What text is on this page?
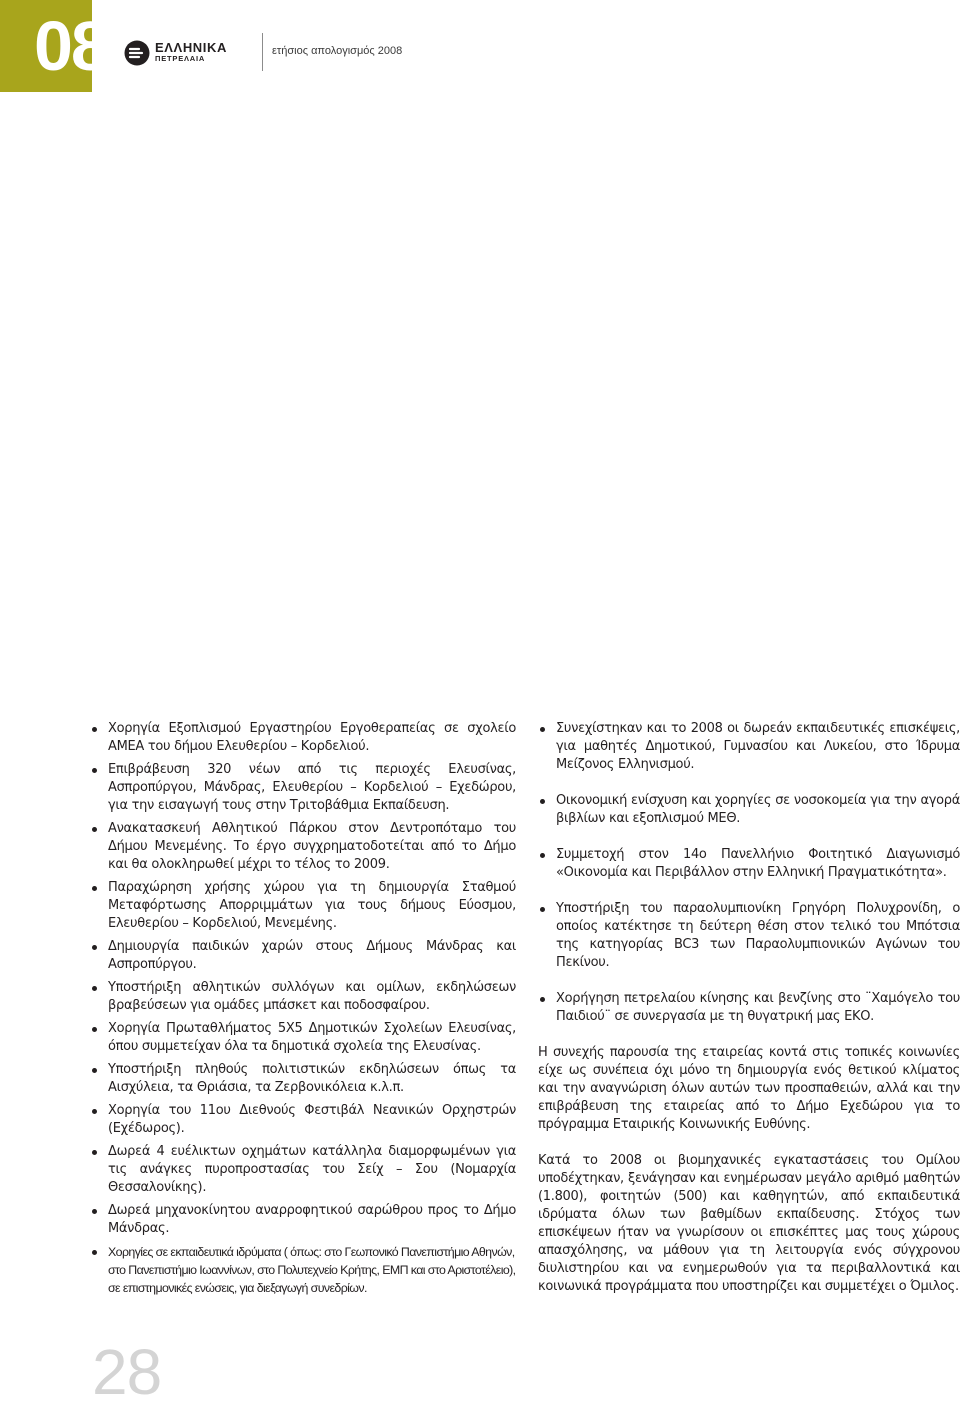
08	ΕΛΛΗΝΙΚΑ
ΠΕΤΡΕΛΑΙΑ
ετήσιος απολογισμός 2008
Χορηγία Εξοπλισμού Εργαστηρίου Εργοθεραπείας σε σχολείο ΑΜΕΑ του δήμου Ελευθερίου – Κορδελιού.
Επιβράβευση 320 νέων από τις περιοχές Ελευσίνας, Ασπροπύργου, Μάνδρας, Ελευθερίου – Κορδελιού – Εχεδώρου, για την εισαγωγή τους στην Τριτοβάθμια Εκπαίδευση.
Ανακατασκευή Αθλητικού Πάρκου στον Δεντροπόταμο του Δήμου Μενεμένης. Το έργο συγχρηματοδοτείται από το Δήμο και θα ολοκληρωθεί μέχρι το τέλος το 2009.
Παραχώρηση χρήσης χώρου για τη δημιουργία Σταθμού Μεταφόρτωσης Απορριμμάτων για τους δήμους Εύοσμου, Ελευθερίου – Κορδελιού, Μενεμένης.
Δημιουργία παιδικών χαρών στους Δήμους Μάνδρας και Ασπροπύργου.
Υποστήριξη αθλητικών συλλόγων και ομίλων, εκδηλώσεων βραβεύσεων για ομάδες μπάσκετ και ποδοσφαίρου.
Χορηγία Πρωταθλήματος 5Χ5 Δημοτικών Σχολείων Ελευσίνας, όπου συμμετείχαν όλα τα δημοτικά σχολεία της Ελευσίνας.
Υποστήριξη πληθούς πολιτιστικών εκδηλώσεων όπως τα Αισχύλεια, τα Θριάσια, τα Ζερβονικόλεια κ.λ.π.
Χορηγία του 11ου Διεθνούς Φεστιβάλ Νεανικών Ορχηστρών (Εχέδωρος).
Δωρεά 4 ευέλικτων οχημάτων κατάλληλα διαμορφωμένων για τις ανάγκες πυροπροστασίας του Σείχ – Σου (Νομαρχία Θεσσαλονίκης).
Δωρεά μηχανοκίνητου αναρροφητικού σαρώθρου προς το Δήμο Μάνδρας.
Χορηγίες σε εκπαιδευτικά ιδρύματα ( όπως: στο Γεωπονικό Πανεπιστήμιο Αθηνών, στο Πανεπιστήμιο Ιωαννίνων, στο Πολυτεχνείο Κρήτης, ΕΜΠ και στο Αριστοτέλειο), σε επιστημονικές ενώσεις, για διεξαγωγή συνεδρίων.
Συνεχίστηκαν και το 2008 οι δωρεάν εκπαιδευτικές επισκέψεις, για μαθητές Δημοτικού, Γυμνασίου και Λυκείου, στο Ίδρυμα Μείζονος Ελληνισμού.
Οικονομική ενίσχυση και χορηγίες σε νοσοκομεία για την αγορά βιβλίων και εξοπλισμού ΜΕΘ.
Συμμετοχή στον 14ο Πανελλήνιο Φοιτητικό Διαγωνισμό «Οικονομία και Περιβάλλον στην Ελληνική Πραγματικότητα».
Υποστήριξη του παραολυμπιονίκη Γρηγόρη Πολυχρονίδη, ο οποίος κατέκτησε τη δεύτερη θέση στον τελικό του Μπότσια της κατηγορίας BC3 των Παραολυμπιονικών Αγώνων του Πεκίνου.
Χορήγηση πετρελαίου κίνησης και βενζίνης στο ¨Χαμόγελο του Παιδιού¨ σε συνεργασία με τη θυγατρική μας ΕΚΟ.

Η συνεχής παρουσία της εταιρείας κοντά στις τοπικές κοινωνίες είχε ως συνέπεια όχι μόνο τη δημιουργία ενός θετικού κλίματος και την αναγνώριση όλων αυτών των προσπαθειών, αλλά και την επιβράβευση της εταιρείας από το Δήμο Εχεδώρου για το πρόγραμμα Εταιρικής Κοινωνικής Ευθύνης.

Κατά το 2008 οι βιομηχανικές εγκαταστάσεις του Ομίλου υποδέχτηκαν, ξενάγησαν και ενημέρωσαν μεγάλο αριθμό μαθητών (1.800), φοιτητών (500) και καθηγητών, από εκπαιδευτικά ιδρύματα όλων των βαθμίδων εκπαίδευσης. Στόχος των επισκέψεων ήταν να γνωρίσουν οι επισκέπτες μας τους χώρους απασχόλησης, να μάθουν για τη λειτουργία ενός σύγχρονου διυλιστηρίου και να ενημερωθούν για τα περιβαλλοντικά και κοινωνικά προγράμματα που υποστηρίζει και συμμετέχει ο Όμιλος.

28
